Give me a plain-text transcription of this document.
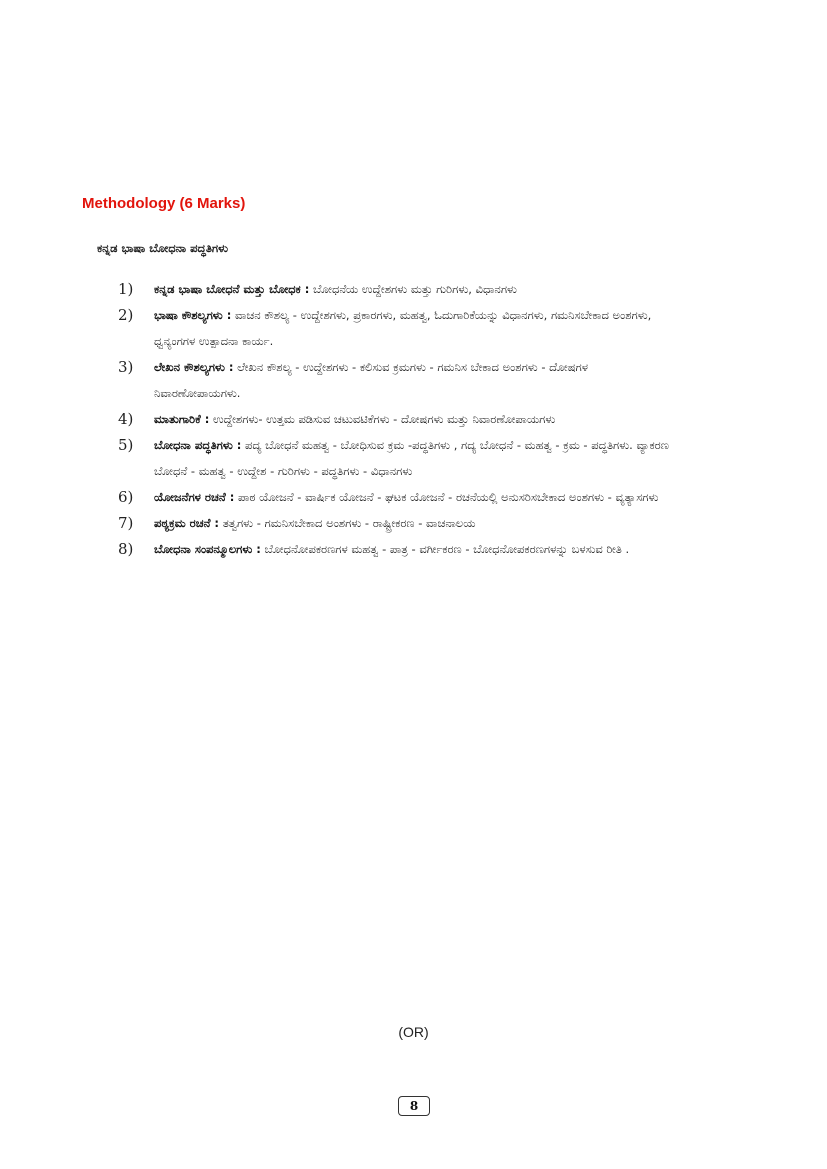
Methodology (6 Marks)
ಕನ್ನಡ ಭಾಷಾ ಬೋಧನಾ ಪದ್ಧತಿಗಳು
1) ಕನ್ನಡ ಭಾಷಾ ಬೋಧನೆ ಮತ್ತು ಬೋಧಕ : ಬೋಧನೆಯ ಉದ್ದೇಶಗಳು ಮತ್ತು ಗುರಿಗಳು, ವಿಧಾನಗಳು
2) ಭಾಷಾ ಕೌಶಲ್ಯಗಳು : ವಾಚನ ಕೌಶಲ್ಯ - ಉದ್ದೇಶಗಳು, ಪ್ರಕಾರಗಳು, ಮಹತ್ವ, ಓದುಗಾರಿಕೆಯನ್ನು ವಿಧಾನಗಳು, ಗಮನಿಸಬೇಕಾದ ಅಂಶಗಳು, ಧ್ವನ್ಯಂಗಗಳ ಉತ್ಪಾದನಾ ಕಾರ್ಯ.
3) ಲೇಖನ ಕೌಶಲ್ಯಗಳು : ಲೇಖನ ಕೌಶಲ್ಯ - ಉದ್ದೇಶಗಳು - ಕಲಿಸುವ ಕ್ರಮಗಳು - ಗಮನಿಸ ಬೇಕಾದ ಅಂಶಗಳು - ದೋಷಗಳ ನಿವಾರಣೋಪಾಯಗಳು.
4) ಮಾತುಗಾರಿಕೆ : ಉದ್ದೇಶಗಳು- ಉತ್ತಮ ಪಡಿಸುವ ಚಟುವಟಿಕೆಗಳು - ದೋಷಗಳು ಮತ್ತು ನಿವಾರಣೋಪಾಯಗಳು
5) ಬೋಧನಾ ಪದ್ಧತಿಗಳು : ಪದ್ಯ ಬೋಧನೆ ಮಹತ್ವ - ಬೋಧಿಸುವ ಕ್ರಮ -ಪದ್ಧತಿಗಳು , ಗದ್ಯ ಬೋಧನೆ - ಮಹತ್ವ - ಕ್ರಮ - ಪದ್ಧತಿಗಳು. ವ್ಯಾಕರಣ ಬೋಧನೆ - ಮಹತ್ವ - ಉದ್ದೇಶ - ಗುರಿಗಳು - ಪದ್ಧತಿಗಳು - ವಿಧಾನಗಳು
6) ಯೋಜನೆಗಳ ರಚನೆ : ಪಾಠ ಯೋಜನೆ - ವಾರ್ಷಿಕ ಯೋಜನೆ - ಘಟಕ ಯೋಜನೆ - ರಚನೆಯಲ್ಲಿ ಅನುಸರಿಸಬೇಕಾದ ಅಂಶಗಳು - ವ್ಯತ್ಯಾಸಗಳು
7) ಪಠ್ಯಕ್ರಮ ರಚನೆ : ತತ್ವಗಳು - ಗಮನಿಸಬೇಕಾದ ಅಂಶಗಳು - ರಾಷ್ಟ್ರೀಕರಣ - ವಾಚನಾಲಯ
8) ಬೋಧನಾ ಸಂಪನ್ಮೂಲಗಳು : ಬೋಧನೋಪಕರಣಗಳ ಮಹತ್ವ - ಪಾತ್ರ - ವರ್ಗೀಕರಣ - ಬೋಧನೋಪಕರಣಗಳನ್ನು ಬಳಸುವ ರೀತಿ .

(OR)

8
